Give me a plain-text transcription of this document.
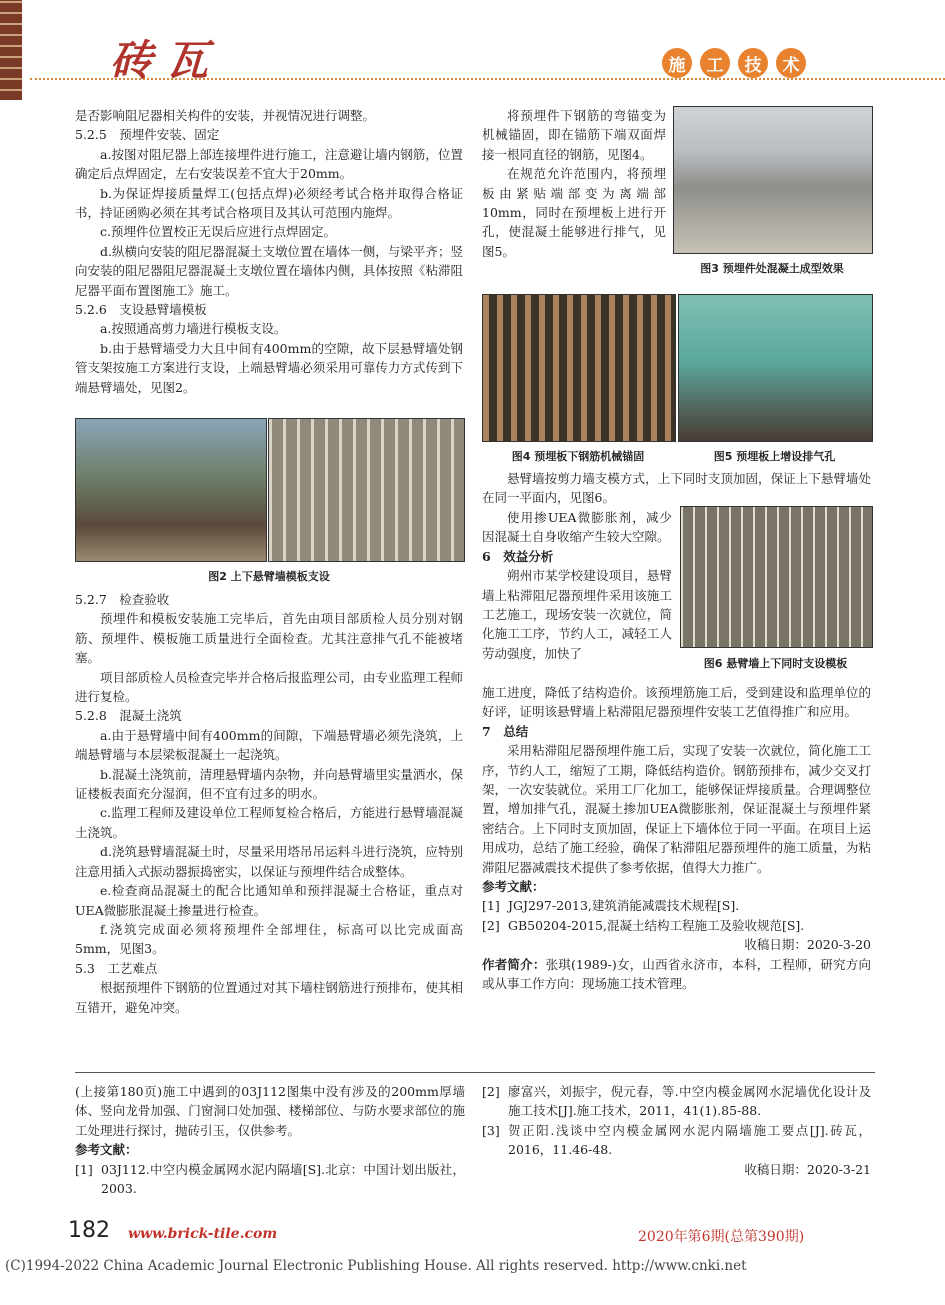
砖瓦	施	工	技	术

是否影响阻尼器相关构件的安装，并视情况进行调整。

5.2.5　预埋件安装、固定

a.按图对阻尼器上部连接埋件进行施工，注意避让墙内钢筋，位置确定后点焊固定，左右安装误差不宜大于20mm。

b.为保证焊接质量焊工(包括点焊)必须经考试合格并取得合格证书，持证函购必须在其考试合格项目及其认可范围内施焊。

c.预埋件位置校正无误后应进行点焊固定。

d.纵横向安装的阻尼器混凝土支墩位置在墙体一侧，与梁平齐；竖向安装的阻尼器阻尼器混凝土支墩位置在墙体内侧，具体按照《粘滞阻尼器平面布置图施工》施工。

5.2.6　支设悬臂墙模板

a.按照通高剪力墙进行模板支设。

b.由于悬臂墙受力大且中间有400mm的空隙，故下层悬臂墙处钢管支架按施工方案进行支设，上端悬臂墙必须采用可靠传力方式传到下端悬臂墙处，见图2。

图2 上下悬臂墙模板支设

5.2.7　检查验收

预埋件和模板安装施工完毕后，首先由项目部质检人员分别对钢筋、预埋件、模板施工质量进行全面检查。尤其注意排气孔不能被堵塞。

项目部质检人员检查完毕并合格后报监理公司，由专业监理工程师进行复检。

5.2.8　混凝土浇筑

a.由于悬臂墙中间有400mm的间隙，下端悬臂墙必须先浇筑，上端悬臂墙与本层梁板混凝土一起浇筑。

b.混凝土浇筑前，清理悬臂墙内杂物，并向悬臂墙里实量洒水，保证楼板表面充分湿润，但不宜有过多的明水。

c.监理工程师及建设单位工程师复检合格后，方能进行悬臂墙混凝土浇筑。

d.浇筑悬臂墙混凝土时，尽量采用塔吊吊运料斗进行浇筑，应特别注意用插入式振动器振捣密实，以保证与预埋件结合成整体。

e.检查商品混凝土的配合比通知单和预拌混凝土合格证，重点对UEA微膨胀混凝土掺量进行检查。

f.浇筑完成面必须将预埋件全部埋住，标高可以比完成面高5mm，见图3。

5.3　工艺难点

根据预埋件下钢筋的位置通过对其下墙柱钢筋进行预排布，使其相互错开，避免冲突。

将预埋件下钢筋的弯锚变为机械锚固，即在锚筋下端双面焊接一根同直径的钢筋，见图4。

在规范允许范围内，将预埋板由紧贴端部变为离端部10mm，同时在预埋板上进行开孔，使混凝土能够进行排气，见图5。

图3 预埋件处混凝土成型效果
图4 预埋板下钢筋机械锚固	图5 预埋板上增设排气孔

悬臂墙按剪力墙支模方式，上下同时支顶加固，保证上下悬臂墙处在同一平面内，见图6。

使用掺UEA微膨胀剂，减少因混凝土自身收缩产生较大空隙。

6　效益分析

朔州市某学校建设项目，悬臂墙上粘滞阻尼器预埋件采用该施工工艺施工，现场安装一次就位，简化施工工序，节约人工，减轻工人劳动强度，加快了

图6 悬臂墙上下同时支设模板

施工进度，降低了结构造价。该预埋筋施工后，受到建设和监理单位的好评，证明该悬臂墙上粘滞阻尼器预埋件安装工艺值得推广和应用。

7　总结

采用粘滞阻尼器预埋件施工后，实现了安装一次就位，简化施工工序，节约人工，缩短了工期，降低结构造价。钢筋预排布，减少交叉打架，一次安装就位。采用工厂化加工，能够保证焊接质量。合理调整位置，增加排气孔，混凝土掺加UEA微膨胀剂，保证混凝土与预埋件紧密结合。上下同时支顶加固，保证上下墙体位于同一平面。在项目上运用成功，总结了施工经验，确保了粘滞阻尼器预埋件的施工质量，为粘滞阻尼器减震技术提供了参考依据，值得大力推广。

参考文献：

[1] JGJ297-2013,建筑消能减震技术规程[S].

[2] GB50204-2015,混凝土结构工程施工及验收规范[S].

收稿日期：2020-3-20

作者简介：张琪(1989-)女，山西省永济市，本科，工程师，研究方向或从事工作方向：现场施工技术管理。

(上接第180页)施工中遇到的03J112图集中没有涉及的200mm厚墙体、竖向龙骨加强、门窗洞口处加强、楼梯部位、与防水要求部位的施工处理进行探讨，抛砖引玉，仅供参考。

参考文献：

[1] 03J112.中空内模金属网水泥内隔墙[S].北京：中国计划出版社，2003.

[2] 廖富兴，刘振宇，倪元春，等.中空内模金属网水泥墙优化设计及施工技术[J].施工技术，2011，41(1).85-88.

[3] 贺正阳.浅谈中空内模金属网水泥内隔墙施工要点[J].砖瓦，2016，11.46-48.

收稿日期：2020-3-21

182 www.brick-tile.com	2020年第6期(总第390期)
(C)1994-2022 China Academic Journal Electronic Publishing House. All rights reserved. http://www.cnki.net
